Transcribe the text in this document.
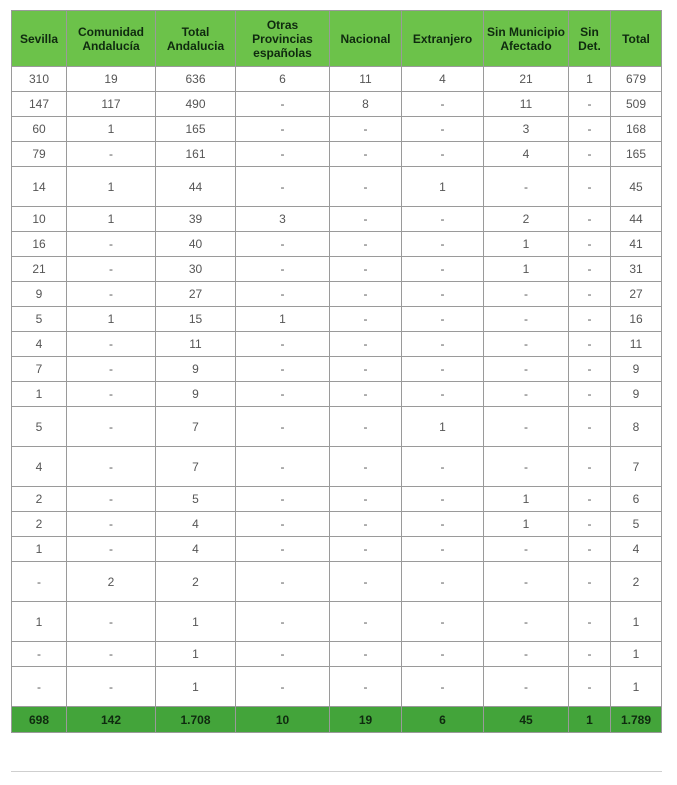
Sevilla	Comunidad Andalucía	Total Andalucia	Otras Provincias españolas	Nacional	Extranjero	Sin Municipio Afectado	Sin Det.	Total
310	19	636	6	11	4	21	1	679
147	117	490	-	8	-	11	-	509
60	1	165	-	-	-	3	-	168
79	-	161	-	-	-	4	-	165
14	1	44	-	-	1	-	-	45
10	1	39	3	-	-	2	-	44
16	-	40	-	-	-	1	-	41
21	-	30	-	-	-	1	-	31
9	-	27	-	-	-	-	-	27
5	1	15	1	-	-	-	-	16
4	-	11	-	-	-	-	-	11
7	-	9	-	-	-	-	-	9
1	-	9	-	-	-	-	-	9
5	-	7	-	-	1	-	-	8
4	-	7	-	-	-	-	-	7
2	-	5	-	-	-	1	-	6
2	-	4	-	-	-	1	-	5
1	-	4	-	-	-	-	-	4
-	2	2	-	-	-	-	-	2
1	-	1	-	-	-	-	-	1
-	-	1	-	-	-	-	-	1
-	-	1	-	-	-	-	-	1
698	142	1.708	10	19	6	45	1	1.789
